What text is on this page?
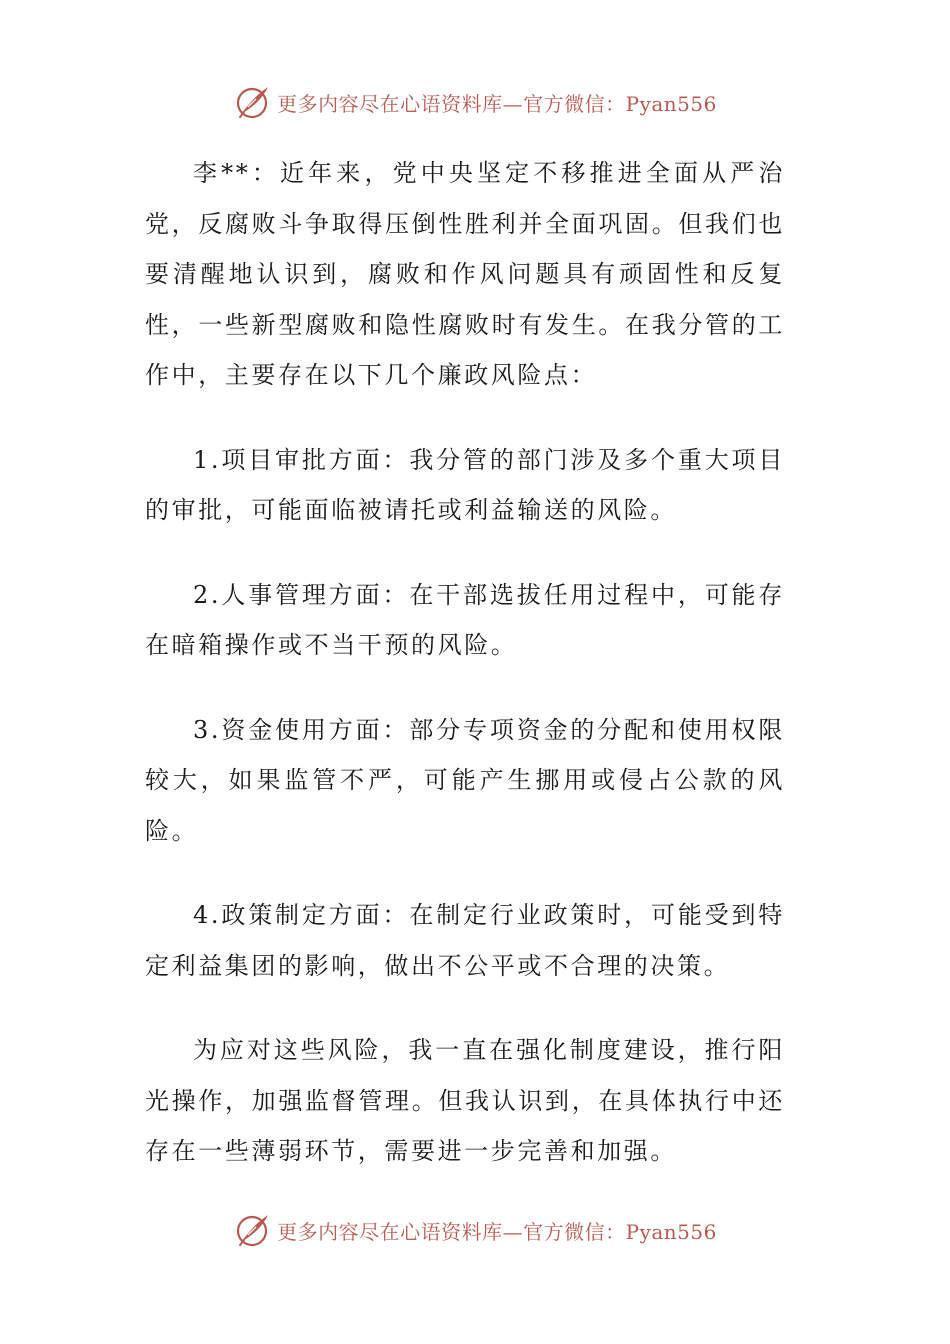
更多内容尽在心语资料库—官方微信：Pyan556

李**：近年来，党中央坚定不移推进全面从严治党，反腐败斗争取得压倒性胜利并全面巩固。但我们也要清醒地认识到，腐败和作风问题具有顽固性和反复性，一些新型腐败和隐性腐败时有发生。在我分管的工作中，主要存在以下几个廉政风险点：

1.项目审批方面：我分管的部门涉及多个重大项目的审批，可能面临被请托或利益输送的风险。

2.人事管理方面：在干部选拔任用过程中，可能存在暗箱操作或不当干预的风险。

3.资金使用方面：部分专项资金的分配和使用权限较大，如果监管不严，可能产生挪用或侵占公款的风险。

4.政策制定方面：在制定行业政策时，可能受到特定利益集团的影响，做出不公平或不合理的决策。

为应对这些风险，我一直在强化制度建设，推行阳光操作，加强监督管理。但我认识到，在具体执行中还存在一些薄弱环节，需要进一步完善和加强。

更多内容尽在心语资料库—官方微信：Pyan556
